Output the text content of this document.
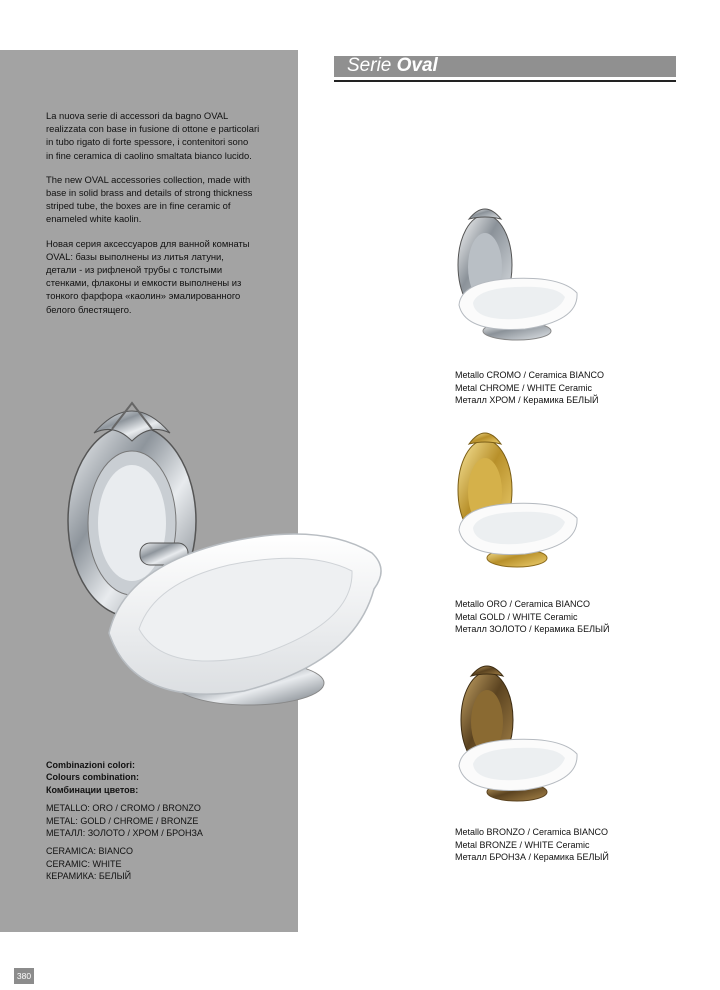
Serie Oval

La nuova serie di accessori da bagno OVAL
realizzata con base in fusione di ottone e particolari
in tubo rigato di forte spessore, i contenitori sono
in fine ceramica di caolino smaltata bianco lucido.

The new OVAL accessories collection, made with
base in solid brass and details of strong thickness
striped tube, the boxes are in fine ceramic of
enameled white kaolin.

Новая серия аксессуаров для ванной комнаты
OVAL: базы выполнены из литья латуни,
детали - из рифленой трубы с толстыми
стенками, флаконы и емкости выполнены из
тонкого фарфора «каолин» эмалированного
белого блестящего.

Metallo CROMO / Ceramica BIANCO
Metal CHROME / WHITE Ceramic
Металл ХРОМ / Керамика БЕЛЫЙ
Metallo ORO / Ceramica BIANCO
Metal GOLD / WHITE Ceramic
Металл ЗОЛОТО / Керамика БЕЛЫЙ
Metallo BRONZO / Ceramica BIANCO
Metal BRONZE / WHITE Ceramic
Металл БРОНЗА / Керамика БЕЛЫЙ
Combinazioni colori:
Colours combination:
Комбинации цветов:
METALLO: ORO / CROMO / BRONZO
METAL: GOLD / CHROME / BRONZE
МЕТАЛЛ: ЗОЛОТО / ХРОМ / БРОНЗА
CERAMICA: BIANCO
CERAMIC: WHITE
КЕРАМИКА: БЕЛЫЙ
380
